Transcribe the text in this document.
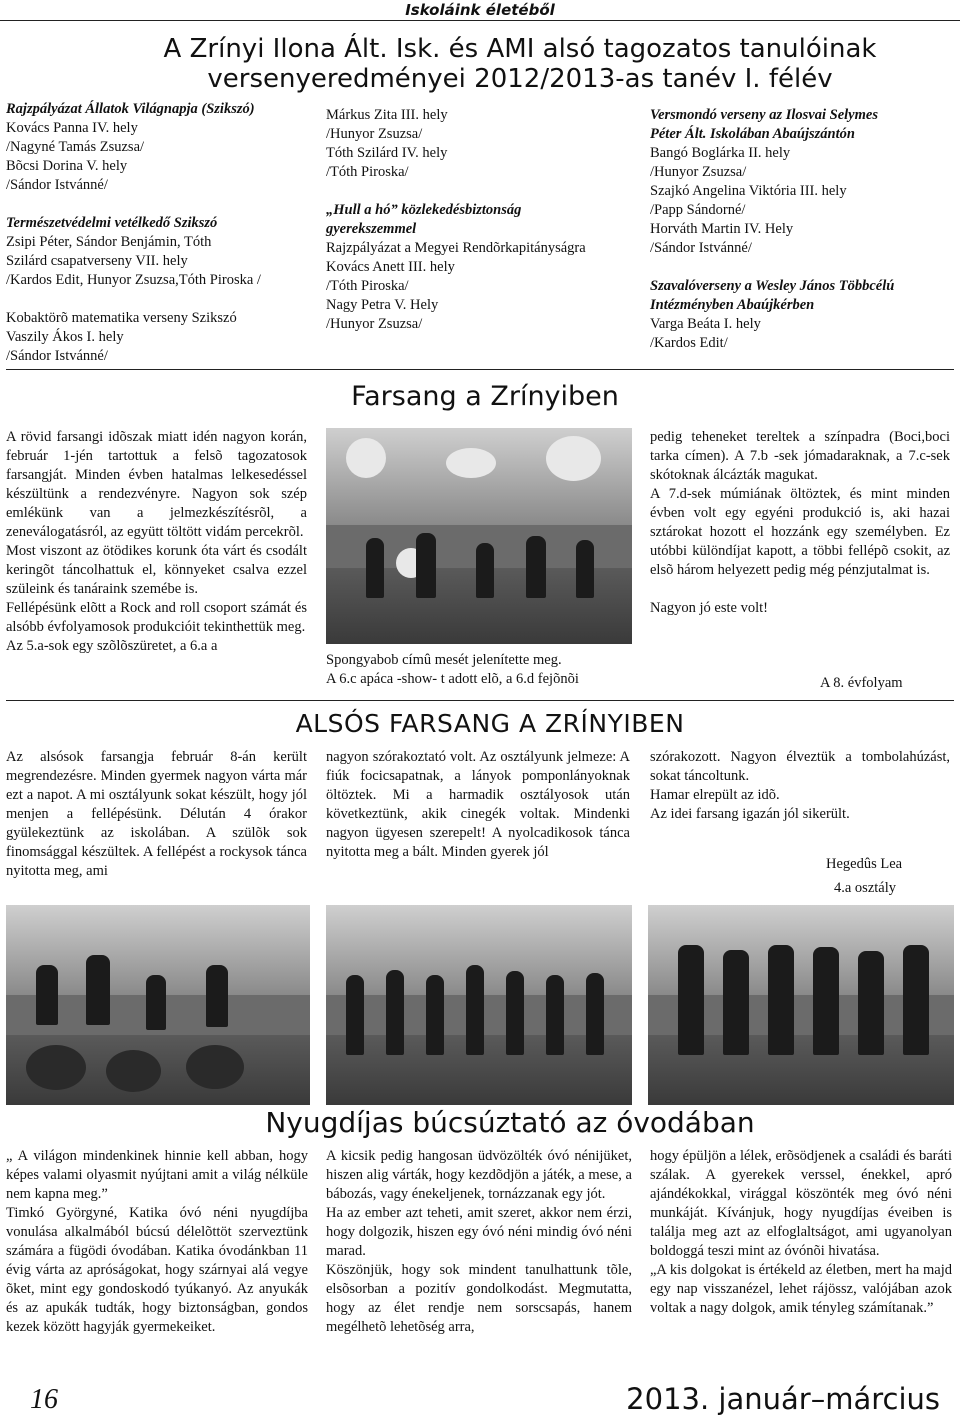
Iskoláink életéből
A Zrínyi Ilona Ált. Isk. és AMI alsó tagozatos tanulóinak
versenyeredményei 2012/2013-as tanév I. félév
Rajzpályázat Állatok Világnapja (Szikszó)
Kovács Panna IV. hely
/Nagyné Tamás Zsuzsa/
Bõcsi Dorina V. hely
/Sándor Istvánné/

Természetvédelmi vetélkedő Szikszó
Zsipi Péter, Sándor Benjámin, Tóth
Szilárd csapatverseny VII. hely
/Kardos Edit, Hunyor Zsuzsa,Tóth Piroska /

Kobaktörõ matematika verseny Szikszó
Vaszily Ákos I. hely
/Sándor Istvánné/
Márkus Zita III. hely
/Hunyor Zsuzsa/
Tóth Szilárd IV. hely
/Tóth Piroska/

„Hull a hó” közlekedésbiztonság
gyerekszemmel
Rajzpályázat a Megyei Rendõrkapitányságra
Kovács Anett III. hely
/Tóth Piroska/
Nagy Petra V. Hely
/Hunyor Zsuzsa/
Versmondó verseny az Ilosvai Selymes
Péter Ált. Iskolában Abaújszántón
Bangó Boglárka II. hely
/Hunyor Zsuzsa/
Szajkó Angelina Viktória III. hely
/Papp Sándorné/
Horváth Martin IV. Hely
/Sándor Istvánné/

Szavalóverseny a Wesley János Többcélú
Intézményben Abaújkérben
Varga Beáta I. hely
/Kardos Edit/
Farsang a Zrínyiben

A rövid farsangi idõszak miatt idén nagyon korán, február 1-jén tartottuk a felsõ tagozatosok farsangját. Minden évben hatalmas lelkesedéssel készültünk a rendezvényre. Nagyon sok szép emlékünk van a jelmezkészítésrõl, a zeneválogatásról, az együtt töltött vidám percekrõl.

Most viszont az ötödikes korunk óta várt és csodált keringõt táncolhattuk el, könnyeket csalva ezzel szüleink és tanáraink szemébe is.

Fellépésünk elõtt a Rock and roll csoport számát és alsóbb évfolyamosok produkcióit tekinthettük meg.

Az 5.a-sok egy szõlõszüretet, a 6.a a

Spongyabob címû mesét jelenítette meg.

A 6.c apáca -show- t adott elõ, a 6.d fejõnõi

pedig teheneket tereltek a színpadra (Boci,boci tarka címen). A 7.b -sek jómadaraknak, a 7.c-sek skótoknak álcázták magukat.

A 7.d-sek múmiának öltöztek, és mint minden évben volt egy egyéni produkció is, aki hazai sztárokat hozott el hozzánk egy személyben. Ez utóbbi különdíjat kapott, a többi fellépõ csokit, az elsõ három helyezett pedig még pénzjutalmat is.

Nagyon jó este volt!

A 8. évfolyam
ALSÓS FARSANG A ZRÍNYIBEN
Az alsósok farsangja február 8-án került megrendezésre. Minden gyermek nagyon várta már ezt a napot. A mi osztályunk sokat készült, hogy jól menjen a fellépésünk. Délután 4 órakor gyülekeztünk az iskolában. A szülõk sok finomsággal készültek. A fellépést a rockysok tánca nyitotta meg, ami
nagyon szórakoztató volt. Az osztályunk jelmeze: A fiúk focicsapatnak, a lányok pomponlányoknak öltöztek. Mi a harmadik osztályosok után következtünk, akik cinegék voltak. Mindenki nagyon ügyesen szerepelt! A nyolcadikosok tánca nyitotta meg a bált. Minden gyerek jól

szórakozott. Nagyon élveztük a tombolahúzást, sokat táncoltunk.

Hamar elrepült az idõ.

Az idei farsang igazán jól sikerült.

Hegedûs Lea
4.a osztály
Nyugdíjas búcsúztató az óvodában

„ A világon mindenkinek hinnie kell abban, hogy képes valami olyasmit nyújtani amit a világ nélküle nem kapna meg.”

Timkó Györgyné, Katika óvó néni nyugdíjba vonulása alkalmából búcsú délelõttöt szerveztünk számára a fügödi óvodában. Katika óvodánkban 11 évig várta az apróságokat, hogy szárnyai alá vegye õket, mint egy gondoskodó tyúkanyó. Az anyukák és az apukák tudták, hogy biztonságban, gondos kezek között hagyják gyermekeiket.

A kicsik pedig hangosan üdvözölték óvó nénijüket, hiszen alig várták, hogy kezdõdjön a játék, a mese, a bábozás, vagy énekeljenek, tornázzanak egy jót.

Ha az ember azt teheti, amit szeret, akkor nem érzi, hogy dolgozik, hiszen egy óvó néni mindig óvó néni marad.

Köszönjük, hogy sok mindent tanulhattunk tõle, elsõsorban a pozitív gondolkodást. Megmutatta, hogy az élet rendje nem sorscsapás, hanem megélhetõ lehetõség arra,

hogy épüljön a lélek, erõsödjenek a családi és baráti szálak. A gyerekek verssel, énekkel, apró ajándékokkal, virággal köszönték meg óvó néni munkáját. Kívánjuk, hogy nyugdíjas éveiben is találja meg azt az elfoglaltságot, ami ugyanolyan boldoggá teszi mint az óvónõi hivatása.

„A kis dolgokat is értékeld az életben, mert ha majd egy nap visszanézel, lehet rájössz, valójában azok voltak a nagy dolgok, amik tényleg számítanak.”

16	2013. január–március
